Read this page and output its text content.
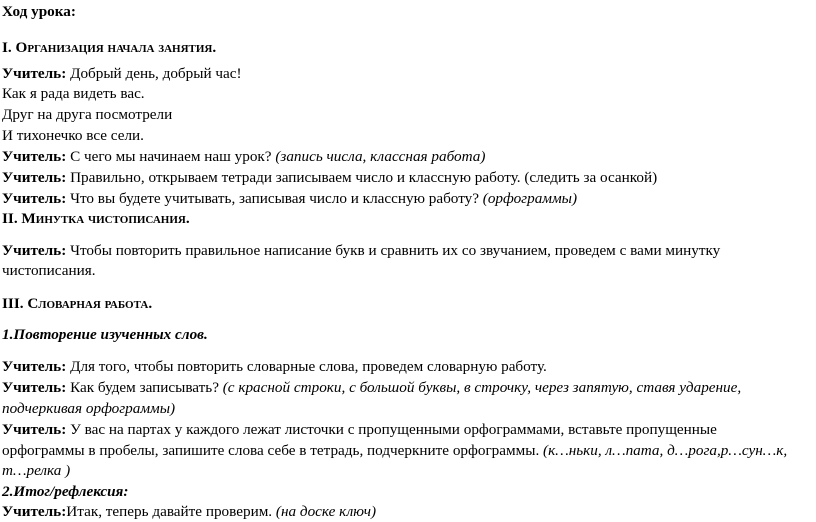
Ход урока:
I. Организация начала занятия.
Учитель: Добрый день, добрый час!
Как я рада видеть вас.
Друг на друга посмотрели
И тихонечко все сели.
Учитель: С чего мы начинаем наш урок? (запись числа, классная работа)
Учитель: Правильно, открываем тетради записываем число и классную работу. (следить за осанкой)
Учитель: Что вы будете учитывать, записывая число и классную работу? (орфограммы)
II. Минутка чистописания.
Учитель: Чтобы повторить правильное написание букв и сравнить их со звучанием, проведем с вами минутку
чистописания.
III. Словарная работа.
1.Повторение изученных слов.
Учитель: Для того, чтобы повторить словарные слова, проведем словарную работу.
Учитель: Как будем записывать? (с красной строки, с большой буквы, в строчку, через запятую, ставя ударение,
подчеркивая орфограммы)
Учитель: У вас на партах у каждого лежат листочки с пропущенными орфограммами, вставьте пропущенные
орфограммы в пробелы, запишите слова себе в тетрадь, подчеркните орфограммы. (к…ньки, л…пата, д…рога,р…сун…к,
т…релка )
2.Итог/рефлексия:
Учитель:Итак, теперь давайте проверим. (на доске ключ)
